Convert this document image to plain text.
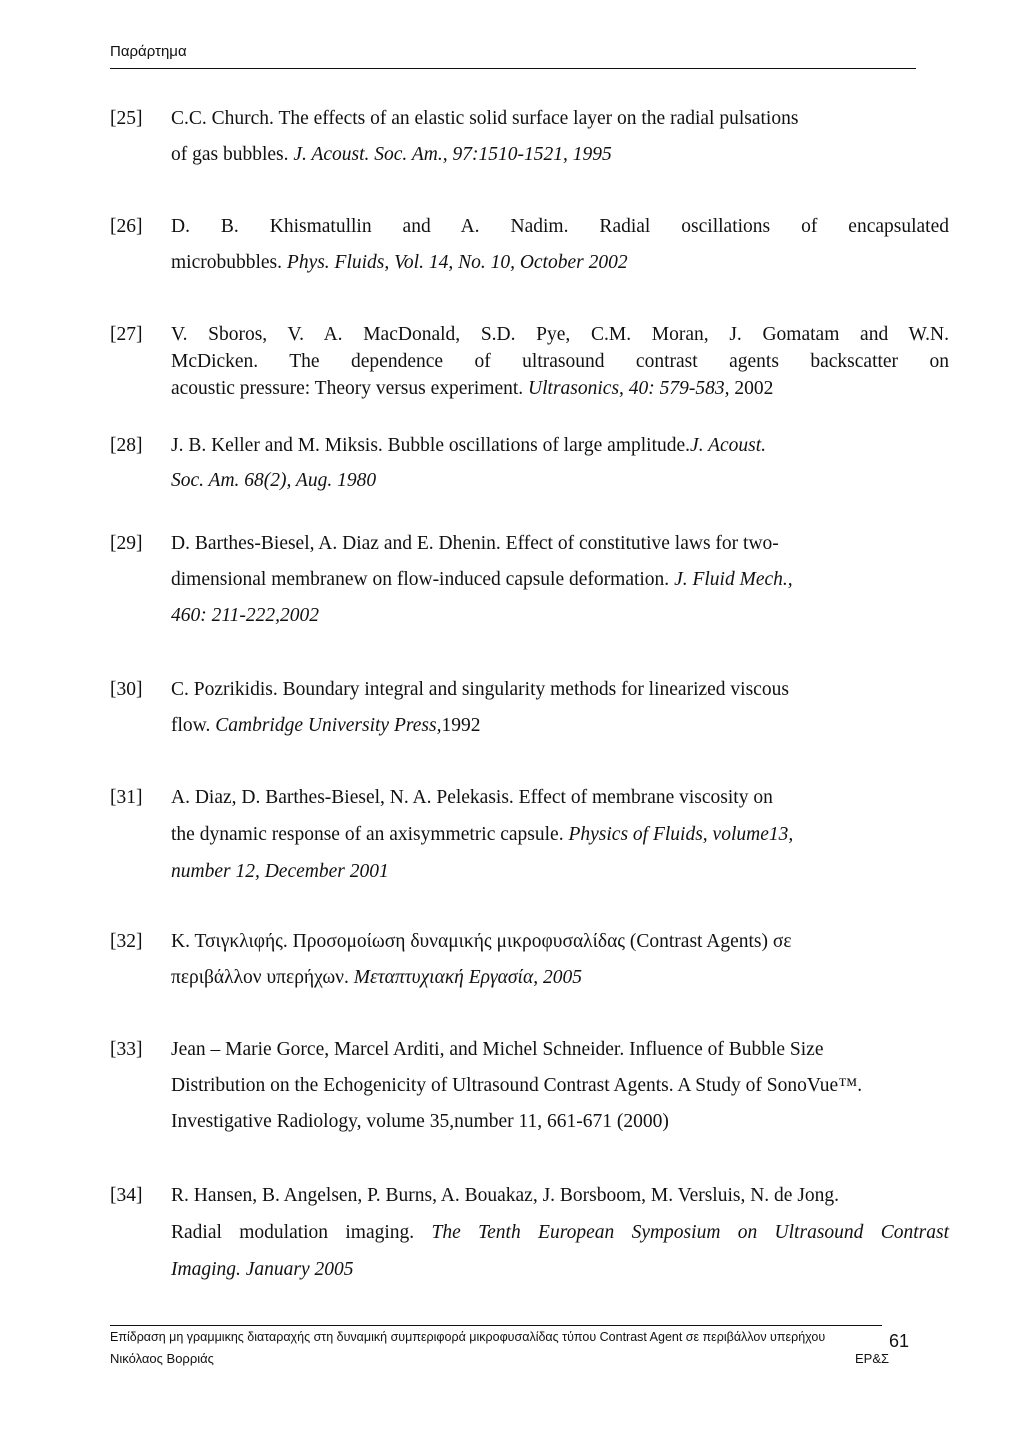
Παράρτημα
[25] C.C. Church. The effects of an elastic solid surface layer on the radial pulsations
of gas bubbles. J. Acoust. Soc. Am., 97:1510-1521, 1995
[26] D. B. Khismatullin and A. Nadim. Radial oscillations of encapsulated
microbubbles. Phys. Fluids, Vol. 14, No. 10, October 2002
[27] V. Sboros, V. A. MacDonald, S.D. Pye, C.M. Moran, J. Gomatam and W.N.
McDicken. The dependence of ultrasound contrast agents backscatter on
acoustic pressure: Theory versus experiment. Ultrasonics, 40: 579-583, 2002
[28] J. B. Keller and M. Miksis. Bubble oscillations of large amplitude.J. Acoust.
Soc. Am. 68(2), Aug. 1980
[29] D. Barthes-Biesel, A. Diaz and E. Dhenin. Effect of constitutive laws for two-
dimensional membranew on flow-induced capsule deformation. J. Fluid Mech.,
460: 211-222,2002
[30] C. Pozrikidis. Boundary integral and singularity methods for linearized viscous
flow. Cambridge University Press,1992
[31] A. Diaz, D. Barthes-Biesel, N. A. Pelekasis. Effect of membrane viscosity on
the dynamic response of an axisymmetric capsule. Physics of Fluids, volume13,
number 12, December 2001
[32] Κ. Τσιγκλιφής. Προσομοίωση δυναμικής μικροφυσαλίδας (Contrast Agents) σε
περιβάλλον υπερήχων. Μεταπτυχιακή Εργασία, 2005
[33] Jean – Marie Gorce, Marcel Arditi, and Michel Schneider. Influence of Bubble Size
Distribution on the Echogenicity of Ultrasound Contrast Agents. A Study of SonoVue™.
Investigative Radiology, volume 35,number 11, 661-671 (2000)
[34] R. Hansen, B. Angelsen, P. Burns, A. Bouakaz, J. Borsboom, M. Versluis, N. de Jong.
Radial modulation imaging. The Tenth European Symposium on Ultrasound Contrast
Imaging. January 2005
Επίδραση μη γραμμικης διαταραχής στη δυναμική συμπεριφορά μικροφυσαλίδας τύπου Contrast Agent σε περιβάλλον υπερήχου
Νικόλαος Βορριάς	ΕΡ&Σ
61
